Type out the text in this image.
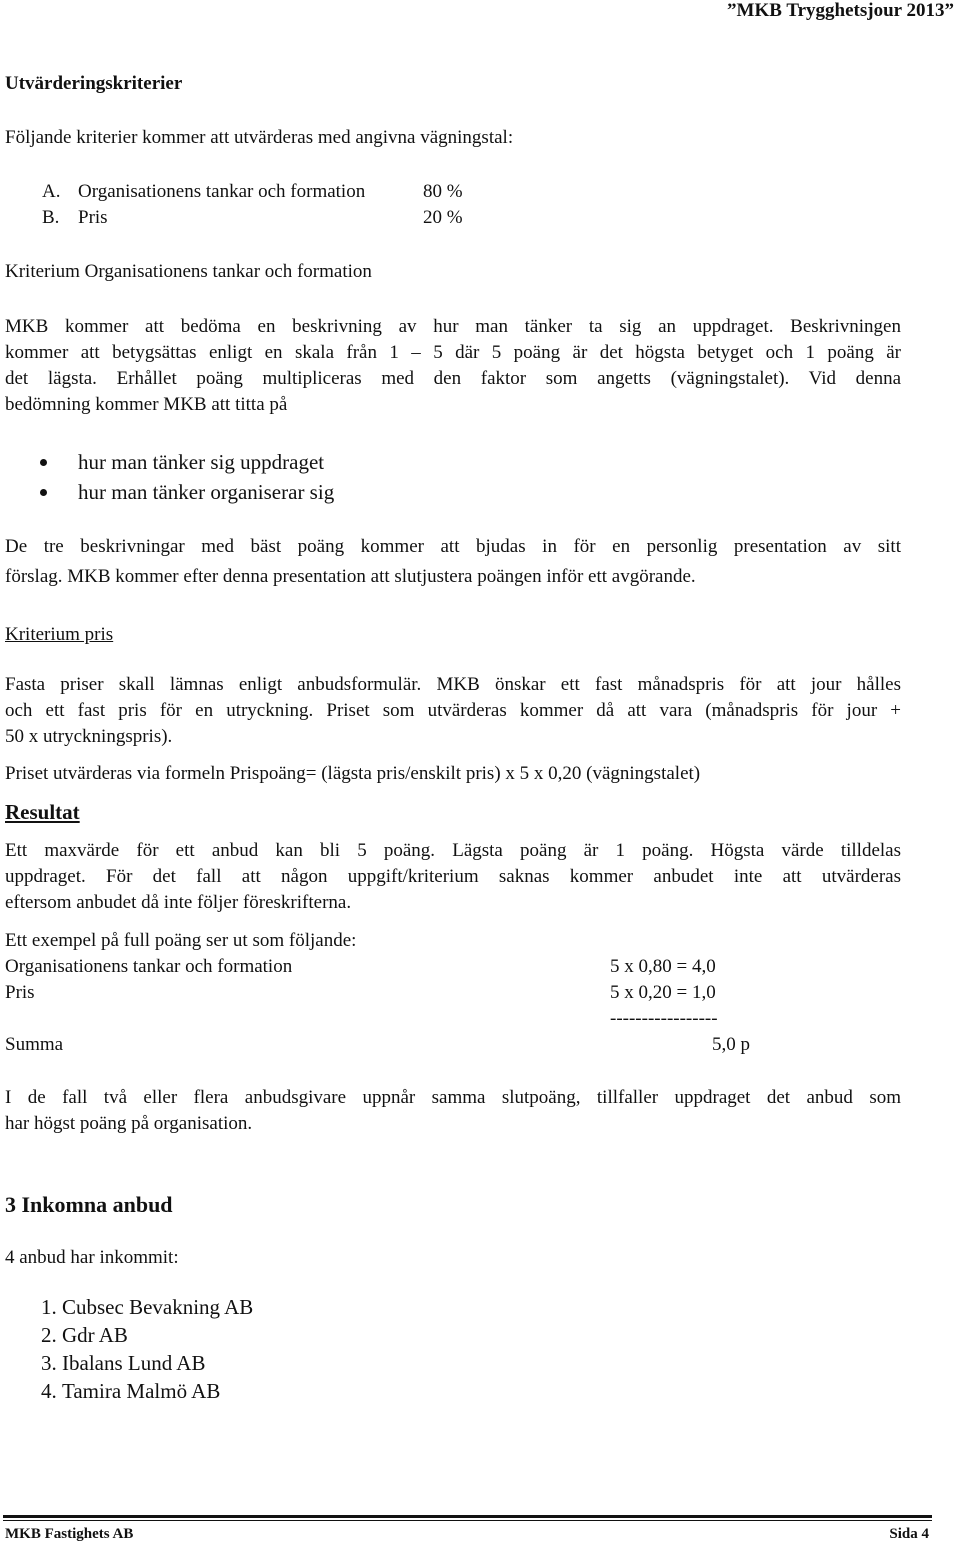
”MKB Trygghetsjour 2013”
Utvärderingskriterier
Följande kriterier kommer att utvärderas med angivna vägningstal:
A. Organisationens tankar och formation	80 %
B. Pris	20 %
Kriterium Organisationens tankar och formation
MKB kommer att bedöma en beskrivning av hur man tänker ta sig an uppdraget. Beskrivningen
kommer att betygsättas enligt en skala från 1 – 5 där 5 poäng är det högsta betyget och 1 poäng är
det lägsta. Erhållet poäng multipliceras med den faktor som angetts (vägningstalet). Vid denna
bedömning kommer MKB att titta på
hur man tänker sig uppdraget
hur man tänker organiserar sig
De tre beskrivningar med bäst poäng kommer att bjudas in för en personlig presentation av sitt
förslag. MKB kommer efter denna presentation att slutjustera poängen inför ett avgörande.
Kriterium pris
Fasta priser skall lämnas enligt anbudsformulär. MKB önskar ett fast månadspris för att jour hålles
och ett fast pris för en utryckning. Priset som utvärderas kommer då att vara (månadspris för jour +
50 x utryckningspris).
Priset utvärderas via formeln Prispoäng= (lägsta pris/enskilt pris) x 5 x 0,20 (vägningstalet)
Resultat
Ett maxvärde för ett anbud kan bli 5 poäng. Lägsta poäng är 1 poäng. Högsta värde tilldelas
uppdraget. För det fall att någon uppgift/kriterium saknas kommer anbudet inte att utvärderas
eftersom anbudet då inte följer föreskrifterna.
Ett exempel på full poäng ser ut som följande:
Organisationens tankar och formation	5 x 0,80 = 4,0
Pris	5 x 0,20 = 1,0
-----------------
Summa	5,0 p
I de fall två eller flera anbudsgivare uppnår samma slutpoäng, tillfaller uppdraget det anbud som
har högst poäng på organisation.
3 Inkomna anbud
4 anbud har inkommit:
1. Cubsec Bevakning AB
2. Gdr AB
3. Ibalans Lund AB
4. Tamira Malmö AB
MKB Fastighets AB	Sida 4
